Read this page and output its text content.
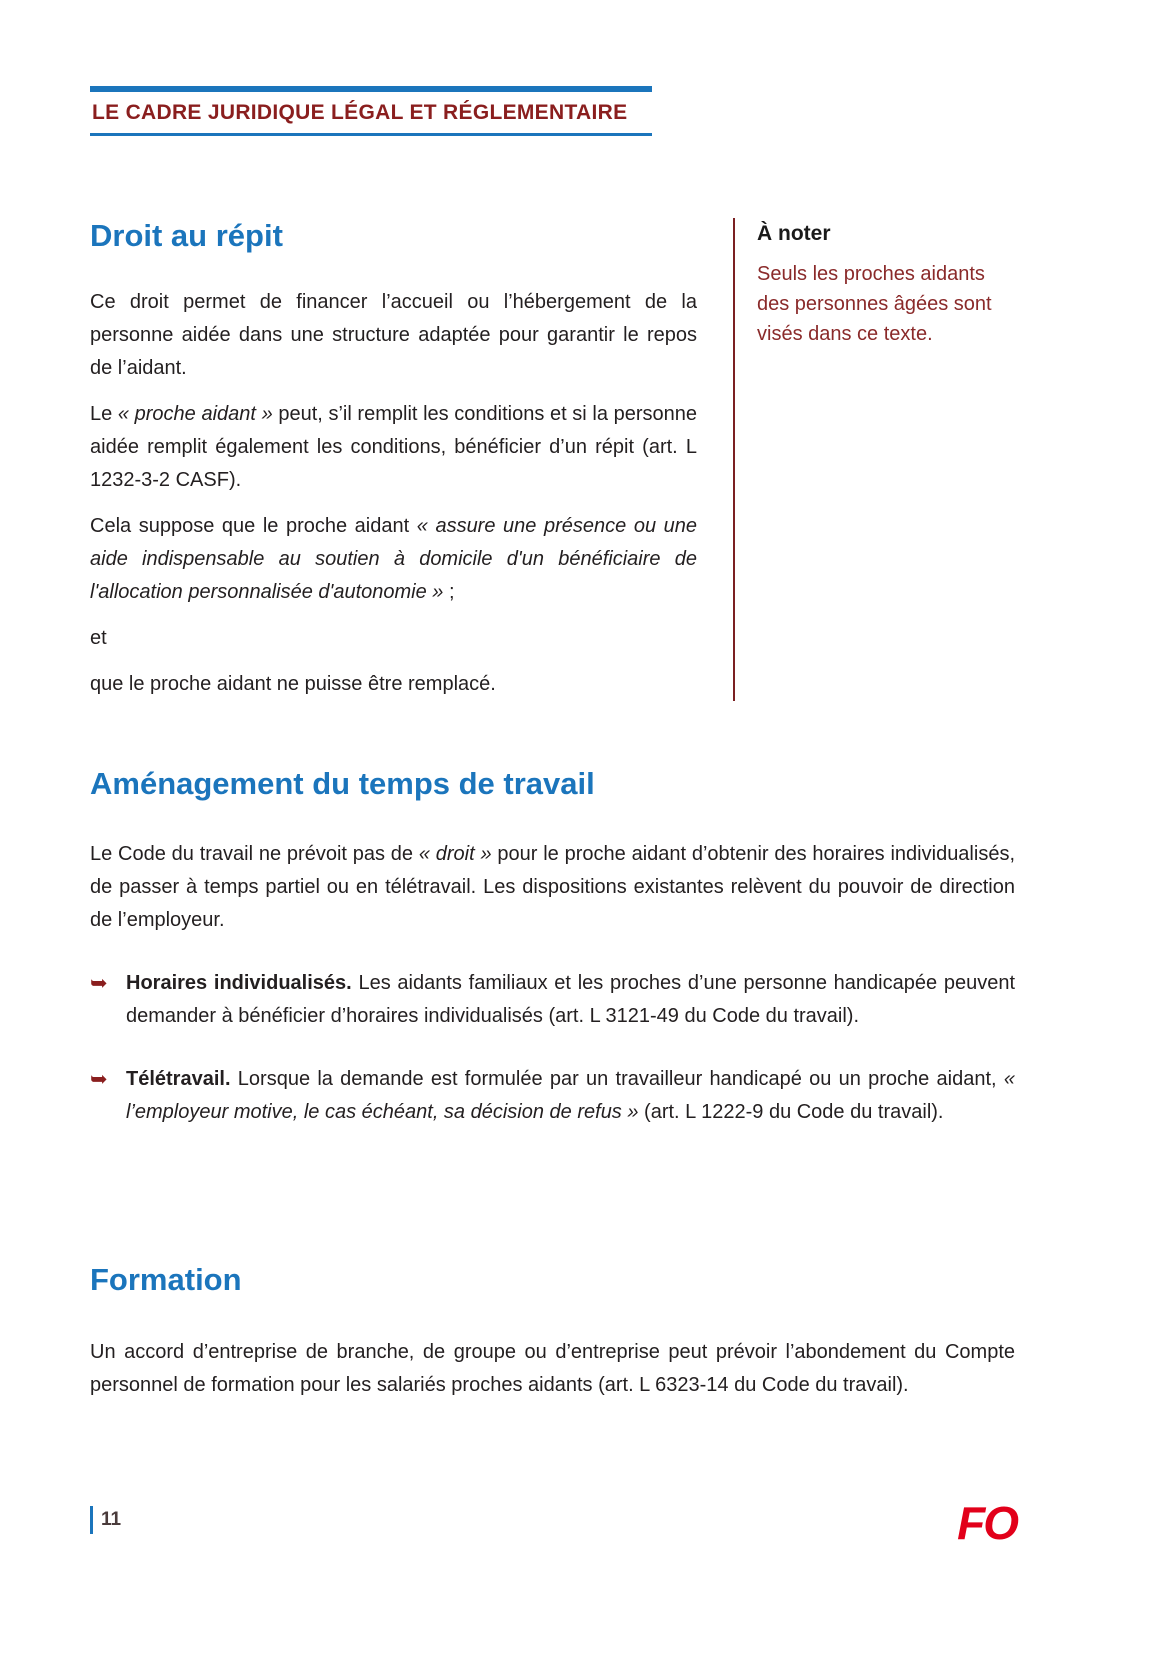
LE CADRE JURIDIQUE LÉGAL ET RÉGLEMENTAIRE
Droit au répit

Ce droit permet de financer l’accueil ou l’hébergement de la personne aidée dans une structure adaptée pour garantir le repos de l’aidant.

Le « proche aidant » peut, s’il remplit les conditions et si la personne aidée remplit également les conditions, bénéficier d’un répit (art. L 1232-3-2 CASF).

Cela suppose que le proche aidant « assure une présence ou une aide indispensable au soutien à domicile d'un bénéficiaire de l'allocation personnalisée d'autonomie » ;

et

que le proche aidant ne puisse être remplacé.

À noter
Seuls les proches aidants des personnes âgées sont visés dans ce texte.
Aménagement du temps de travail

Le Code du travail ne prévoit pas de « droit » pour le proche aidant d’obtenir des horaires individualisés, de passer à temps partiel ou en télétravail. Les dispositions existantes relèvent du pouvoir de direction de l’employeur.

➥ Horaires individualisés. Les aidants familiaux et les proches d’une personne handicapée peuvent demander à bénéficier d’horaires individualisés (art. L 3121-49 du Code du travail).

➥ Télétravail. Lorsque la demande est formulée par un travailleur handicapé ou un proche aidant, « l’employeur motive, le cas échéant, sa décision de refus » (art. L 1222-9 du Code du travail).

Formation

Un accord d’entreprise de branche, de groupe ou d’entreprise peut prévoir l’abondement du Compte personnel de formation pour les salariés proches aidants (art. L 6323-14 du Code du travail).

11	FO
